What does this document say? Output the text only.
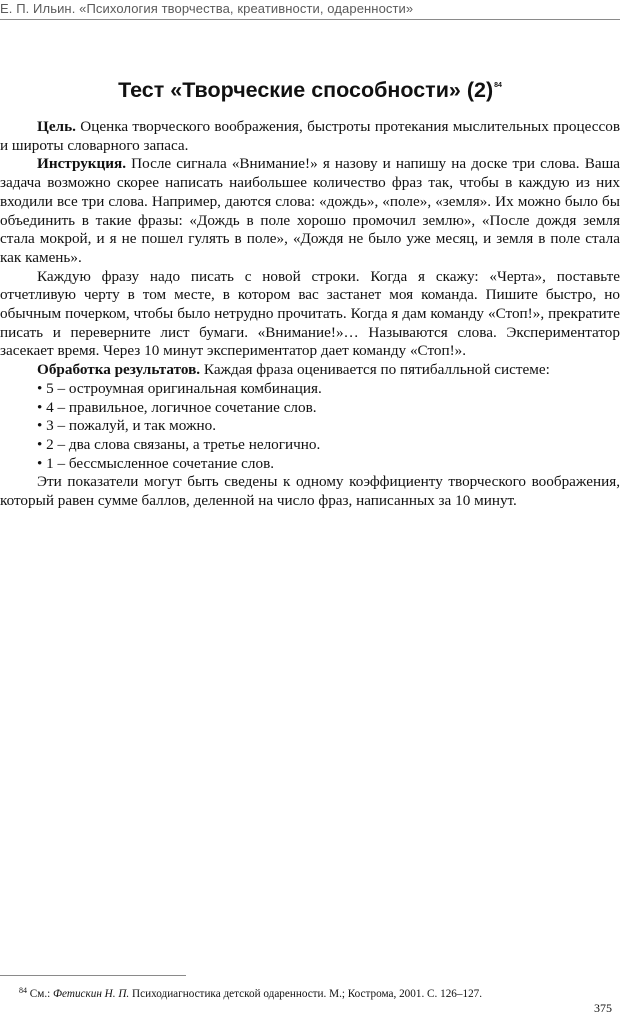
Е. П. Ильин. «Психология творчества, креативности, одаренности»
Тест «Творческие способности» $(2)^{84}$

Цель. Оценка творческого воображения, быстроты протекания мыслительных процессов и широты словарного запаса.

Инструкция. После сигнала «Внимание!» я назову и напишу на доске три слова. Ваша задача возможно скорее написать наибольшее количество фраз так, чтобы в каждую из них входили все три слова. Например, даются слова: «дождь», «поле», «земля». Их можно было бы объединить в такие фразы: «Дождь в поле хорошо промочил землю», «После дождя земля стала мокрой, и я не пошел гулять в поле», «Дождя не было уже месяц, и земля в поле стала как камень».

Каждую фразу надо писать с новой строки. Когда я скажу: «Черта», поставьте отчетливую черту в том месте, в котором вас застанет моя команда. Пишите быстро, но обычным почерком, чтобы было нетрудно прочитать. Когда я дам команду «Стоп!», прекратите писать и переверните лист бумаги. «Внимание!»… Называются слова. Экспериментатор засекает время. Через 10 минут экспериментатор дает команду «Стоп!».

Обработка результатов. Каждая фраза оценивается по пятибалльной системе:

• 5 – остроумная оригинальная комбинация.

• 4 – правильное, логичное сочетание слов.

• 3 – пожалуй, и так можно.

• 2 – два слова связаны, а третье нелогично.

• 1 – бессмысленное сочетание слов.

Эти показатели могут быть сведены к одному коэффициенту творческого воображения, который равен сумме баллов, деленной на число фраз, написанных за 10 минут.

$^{84}$ См.: Фетискин Н. П. Психодиагностика детской одаренности. М.; Кострома, 2001. С. 126–127.
375
